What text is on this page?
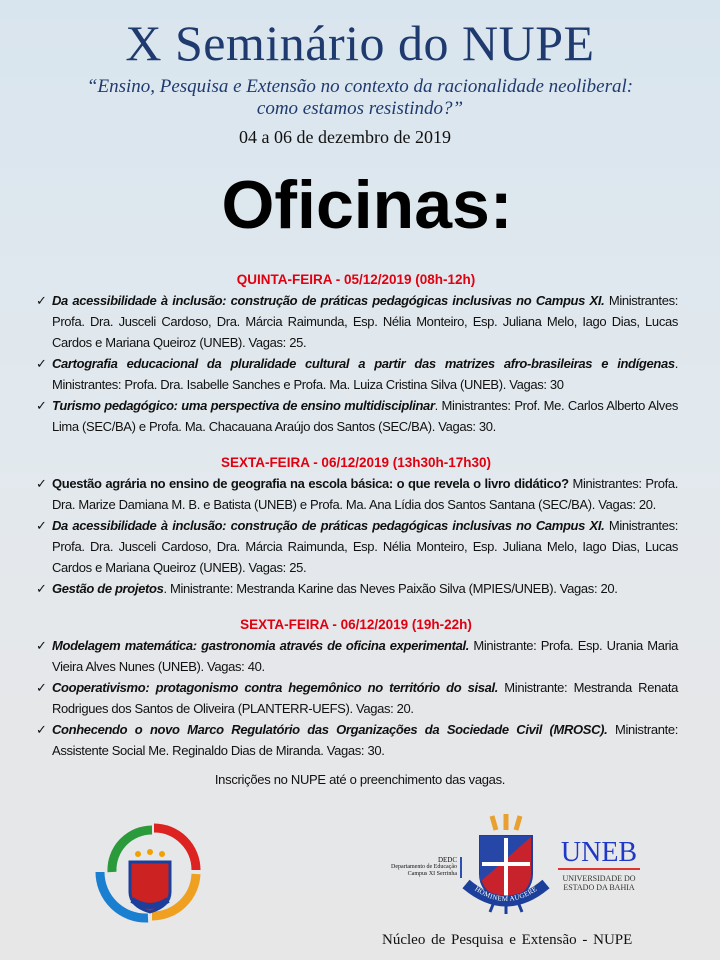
X Seminário do NUPE
“Ensino, Pesquisa e Extensão no contexto da racionalidade neoliberal:
como estamos resistindo?”
04 a 06 de dezembro de 2019
Oficinas:
QUINTA-FEIRA - 05/12/2019 (08h-12h)
✓ Da acessibilidade à inclusão: construção de práticas pedagógicas inclusivas no Campus XI. Ministrantes: Profa. Dra. Jusceli Cardoso, Dra. Márcia Raimunda, Esp. Nélia Monteiro, Esp. Juliana Melo, Iago Dias, Lucas Cardos e Mariana Queiroz (UNEB). Vagas: 25.
✓ Cartografia educacional da pluralidade cultural a partir das matrizes afro-brasileiras e indígenas. Ministrantes: Profa. Dra. Isabelle Sanches e Profa. Ma. Luiza Cristina Silva (UNEB). Vagas: 30
✓ Turismo pedagógico: uma perspectiva de ensino multidisciplinar. Ministrantes: Prof. Me. Carlos Alberto Alves Lima (SEC/BA) e Profa. Ma. Chacauana Araújo dos Santos (SEC/BA). Vagas: 30.
SEXTA-FEIRA - 06/12/2019 (13h30h-17h30)
✓ Questão agrária no ensino de geografia na escola básica: o que revela o livro didático? Ministrantes: Profa. Dra. Marize Damiana M. B. e Batista (UNEB) e Profa. Ma. Ana Lídia dos Santos Santana (SEC/BA). Vagas: 20.
✓ Da acessibilidade à inclusão: construção de práticas pedagógicas inclusivas no Campus XI. Ministrantes: Profa. Dra. Jusceli Cardoso, Dra. Márcia Raimunda, Esp. Nélia Monteiro, Esp. Juliana Melo, Iago Dias, Lucas Cardos e Mariana Queiroz (UNEB). Vagas: 25.
✓ Gestão de projetos. Ministrante: Mestranda Karine das Neves Paixão Silva (MPIES/UNEB). Vagas: 20.
SEXTA-FEIRA - 06/12/2019 (19h-22h)
✓ Modelagem matemática: gastronomia através de oficina experimental. Ministrante: Profa. Esp. Urania Maria Vieira Alves Nunes (UNEB). Vagas: 40.
✓ Cooperativismo: protagonismo contra hegemônico no território do sisal. Ministrante: Mestranda Renata Rodrigues dos Santos de Oliveira (PLANTERR-UEFS). Vagas: 20.
✓ Conhecendo o novo Marco Regulatório das Organizações da Sociedade Civil (MROSC). Ministrante: Assistente Social Me. Reginaldo Dias de Miranda. Vagas: 30.
Inscrições no NUPE até o preenchimento das vagas.
DEDC
Departamento de Educação
Campus XI Serrinha
HOMINEM AUGERE
UNEB
UNIVERSIDADE DO
ESTADO DA BAHIA
Núcleo de Pesquisa e Extensão - NUPE
